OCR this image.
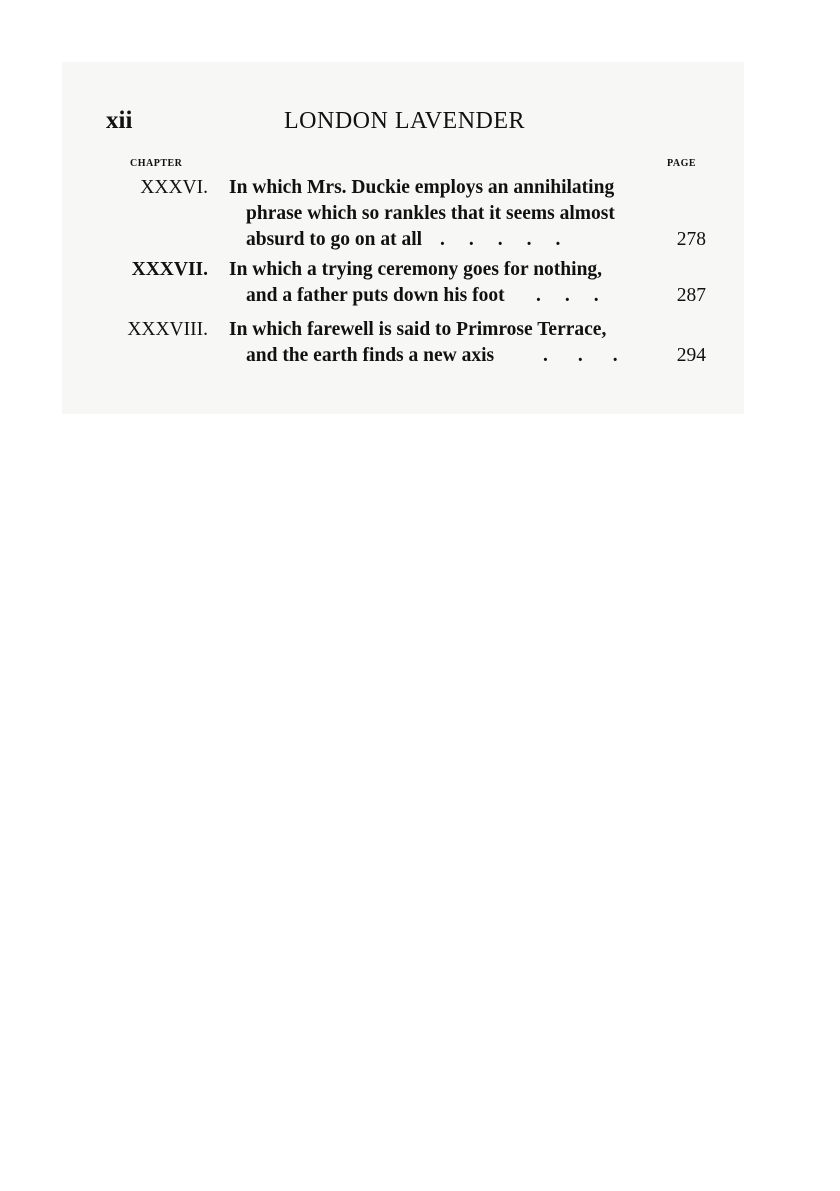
xii	LONDON LAVENDER
CHAPTER	PAGE
XXXVI. In which Mrs. Duckie employs an annihilating
phrase which so rankles that it seems almost
absurd to go on at all .....	278
XXXVII. In which a trying ceremony goes for nothing,
and a father puts down his foot ...	287
XXXVIII. In which farewell is said to Primrose Terrace,
and the earth finds a new axis	... 294
